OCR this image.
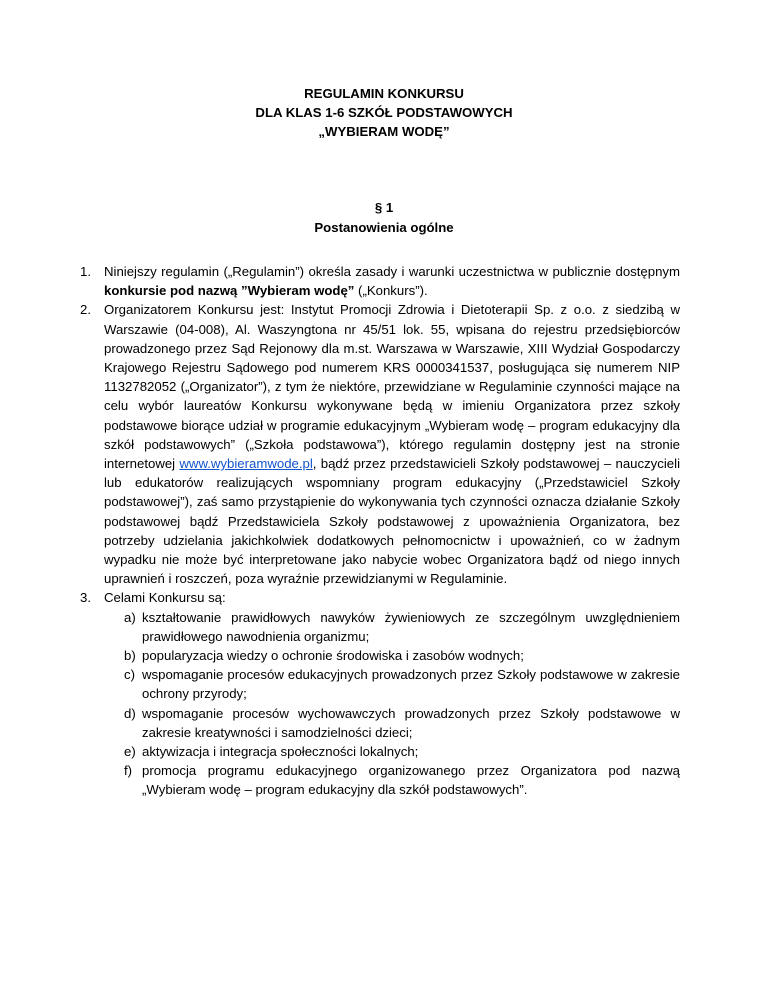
REGULAMIN KONKURSU
DLA KLAS 1-6 SZKÓŁ PODSTAWOWYCH
„WYBIERAM WODĘ”
§ 1
Postanowienia ogólne
1. Niniejszy regulamin („Regulamin”) określa zasady i warunki uczestnictwa w publicznie dostępnym konkursie pod nazwą ”Wybieram wodę” („Konkurs”).
2. Organizatorem Konkursu jest: Instytut Promocji Zdrowia i Dietoterapii Sp. z o.o. z siedzibą w Warszawie (04-008), Al. Waszyngtona nr 45/51 lok. 55, wpisana do rejestru przedsiębiorców prowadzonego przez Sąd Rejonowy dla m.st. Warszawa w Warszawie, XIII Wydział Gospodarczy Krajowego Rejestru Sądowego pod numerem KRS 0000341537, posługująca się numerem NIP 1132782052 („Organizator”), z tym że niektóre, przewidziane w Regulaminie czynności mające na celu wybór laureatów Konkursu wykonywane będą w imieniu Organizatora przez szkoły podstawowe biorące udział w programie edukacyjnym „Wybieram wodę – program edukacyjny dla szkół podstawowych” („Szkoła podstawowa”), którego regulamin dostępny jest na stronie internetowej www.wybieramwode.pl, bądź przez przedstawicieli Szkoły podstawowej – nauczycieli lub edukatorów realizujących wspomniany program edukacyjny („Przedstawiciel Szkoły podstawowej”), zaś samo przystąpienie do wykonywania tych czynności oznacza działanie Szkoły podstawowej bądź Przedstawiciela Szkoły podstawowej z upoważnienia Organizatora, bez potrzeby udzielania jakichkolwiek dodatkowych pełnomocnictw i upoważnień, co w żadnym wypadku nie może być interpretowane jako nabycie wobec Organizatora bądź od niego innych uprawnień i roszczeń, poza wyraźnie przewidzianymi w Regulaminie.
3. Celami Konkursu są:
a) kształtowanie prawidłowych nawyków żywieniowych ze szczególnym uwzględnieniem prawidłowego nawodnienia organizmu;
b) popularyzacja wiedzy o ochronie środowiska i zasobów wodnych;
c) wspomaganie procesów edukacyjnych prowadzonych przez Szkoły podstawowe w zakresie ochrony przyrody;
d) wspomaganie procesów wychowawczych prowadzonych przez Szkoły podstawowe w zakresie kreatywności i samodzielności dzieci;
e) aktywizacja i integracja społeczności lokalnych;
f) promocja programu edukacyjnego organizowanego przez Organizatora pod nazwą „Wybieram wodę – program edukacyjny dla szkół podstawowych”.
